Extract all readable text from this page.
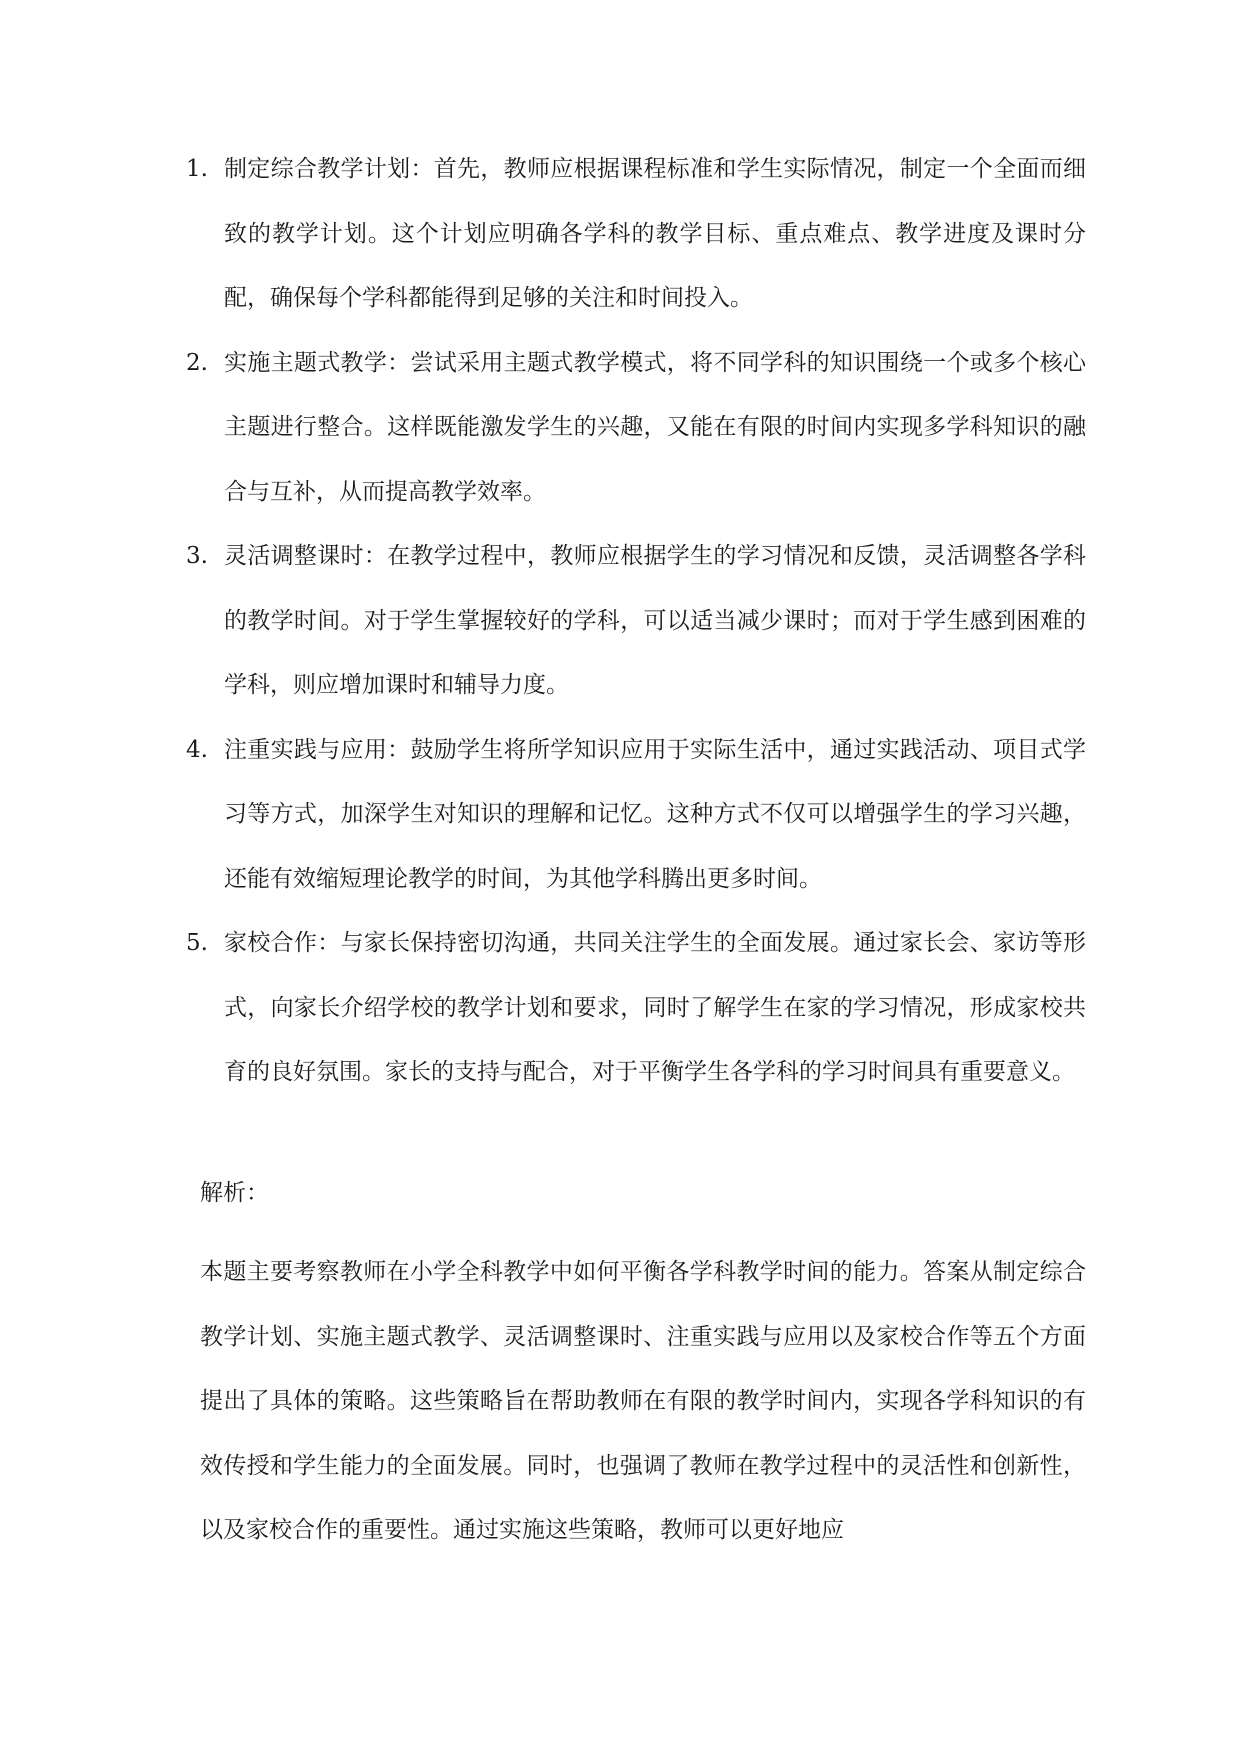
1. 制定综合教学计划：首先，教师应根据课程标准和学生实际情况，制定一个全面而细致的教学计划。这个计划应明确各学科的教学目标、重点难点、教学进度及课时分配，确保每个学科都能得到足够的关注和时间投入。
2. 实施主题式教学：尝试采用主题式教学模式，将不同学科的知识围绕一个或多个核心主题进行整合。这样既能激发学生的兴趣，又能在有限的时间内实现多学科知识的融合与互补，从而提高教学效率。
3. 灵活调整课时：在教学过程中，教师应根据学生的学习情况和反馈，灵活调整各学科的教学时间。对于学生掌握较好的学科，可以适当减少课时；而对于学生感到困难的学科，则应增加课时和辅导力度。
4. 注重实践与应用：鼓励学生将所学知识应用于实际生活中，通过实践活动、项目式学习等方式，加深学生对知识的理解和记忆。这种方式不仅可以增强学生的学习兴趣，还能有效缩短理论教学的时间，为其他学科腾出更多时间。
5. 家校合作：与家长保持密切沟通，共同关注学生的全面发展。通过家长会、家访等形式，向家长介绍学校的教学计划和要求，同时了解学生在家的学习情况，形成家校共育的良好氛围。家长的支持与配合，对于平衡学生各学科的学习时间具有重要意义。

解析：

本题主要考察教师在小学全科教学中如何平衡各学科教学时间的能力。答案从制定综合教学计划、实施主题式教学、灵活调整课时、注重实践与应用以及家校合作等五个方面提出了具体的策略。这些策略旨在帮助教师在有限的教学时间内，实现各学科知识的有效传授和学生能力的全面发展。同时，也强调了教师在教学过程中的灵活性和创新性，以及家校合作的重要性。通过实施这些策略，教师可以更好地应
